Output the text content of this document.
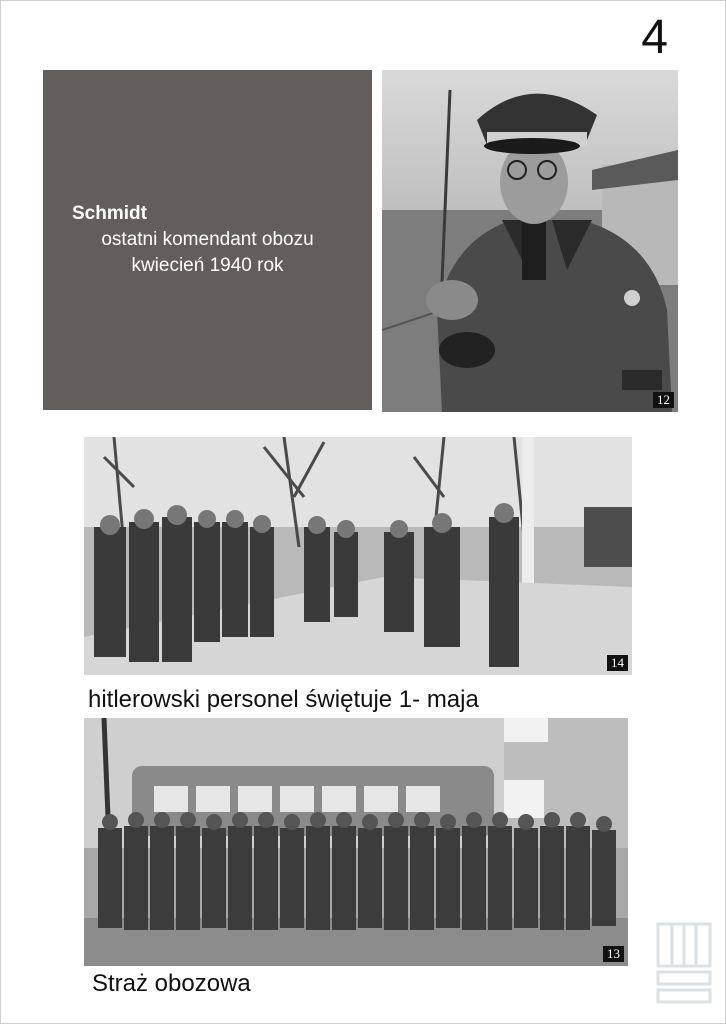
4
Schmidt
ostatni komendant obozu
kwiecień 1940 rok
12
14
hitlerowski personel świętuje 1- maja
13
Straż obozowa
